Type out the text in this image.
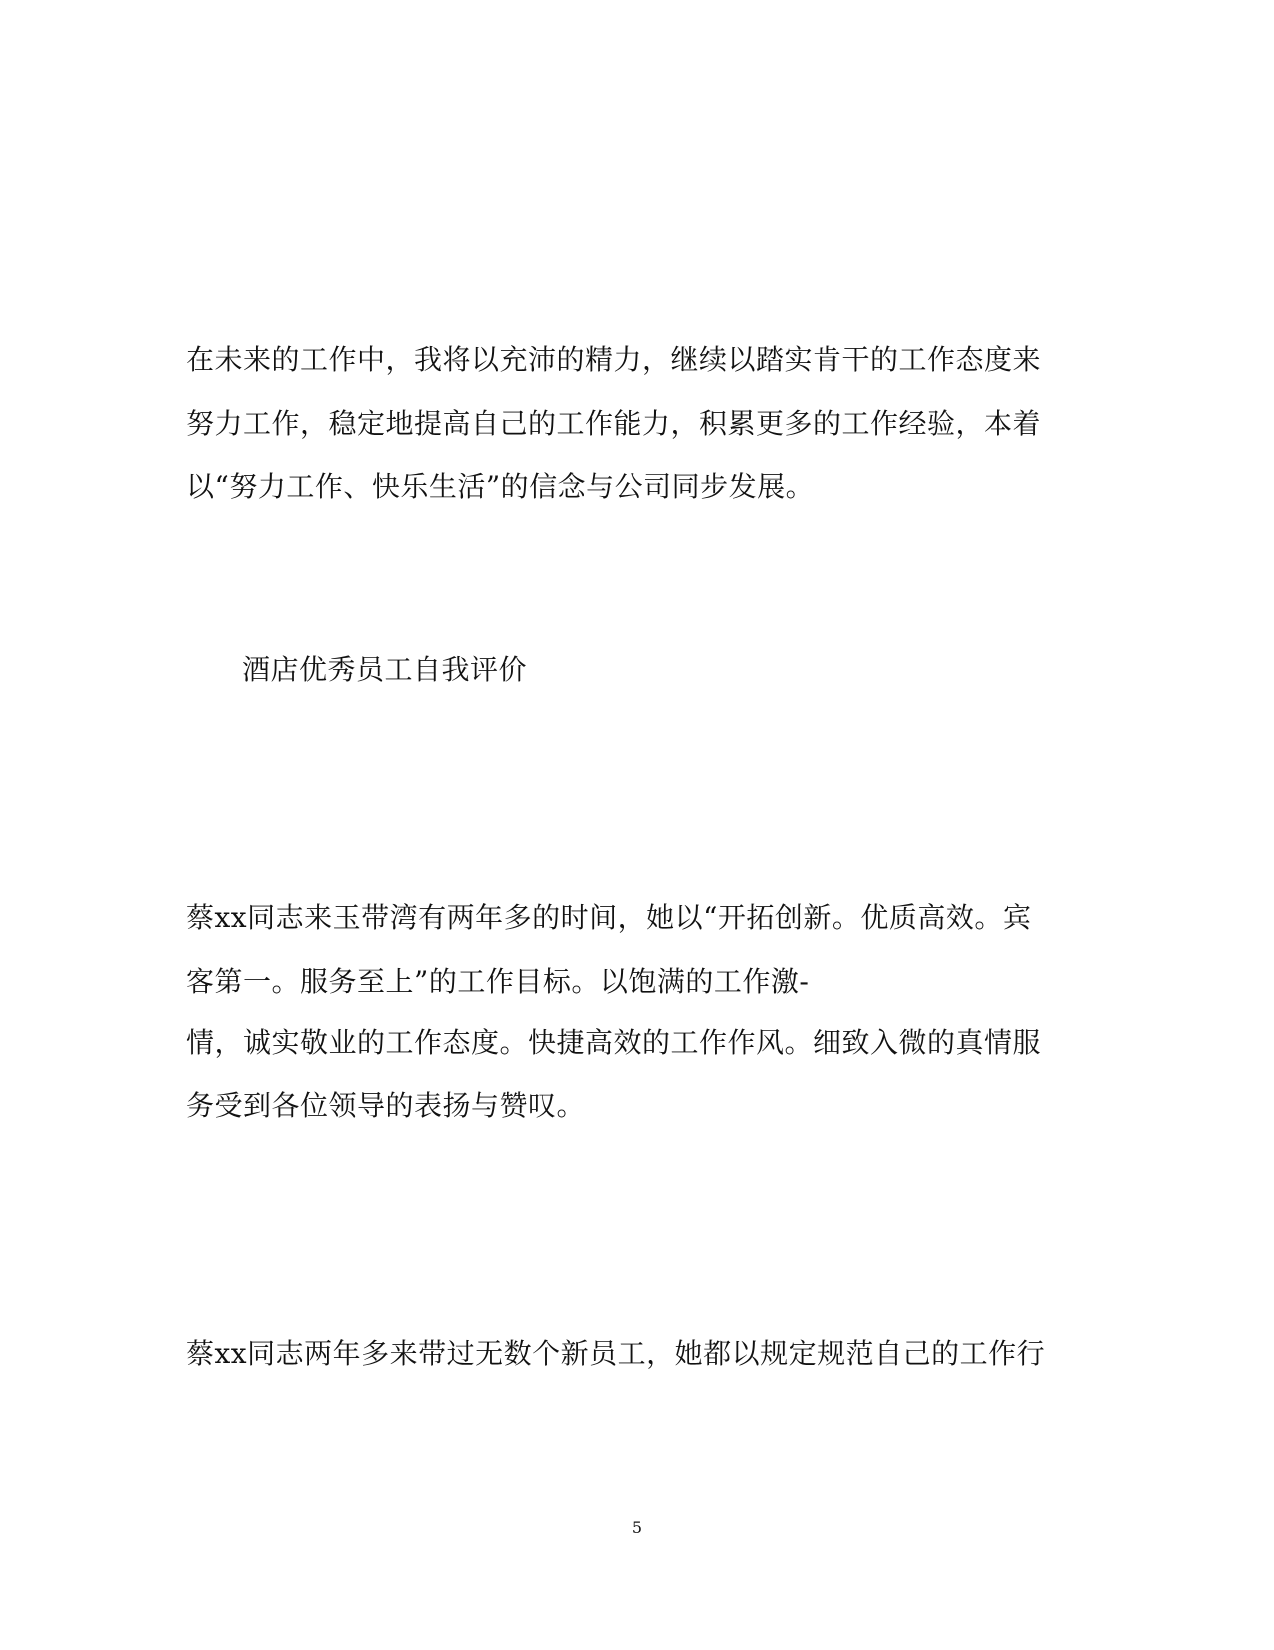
在未来的工作中，我将以充沛的精力，继续以踏实肯干的工作态度来
努力工作，稳定地提高自己的工作能力，积累更多的工作经验，本着
以“努力工作、快乐生活”的信念与公司同步发展。
酒店优秀员工自我评价
蔡xx同志来玉带湾有两年多的时间，她以“开拓创新。优质高效。宾
客第一。服务至上”的工作目标。以饱满的工作激-
情，诚实敬业的工作态度。快捷高效的工作作风。细致入微的真情服
务受到各位领导的表扬与赞叹。
蔡xx同志两年多来带过无数个新员工，她都以规定规范自己的工作行
5
